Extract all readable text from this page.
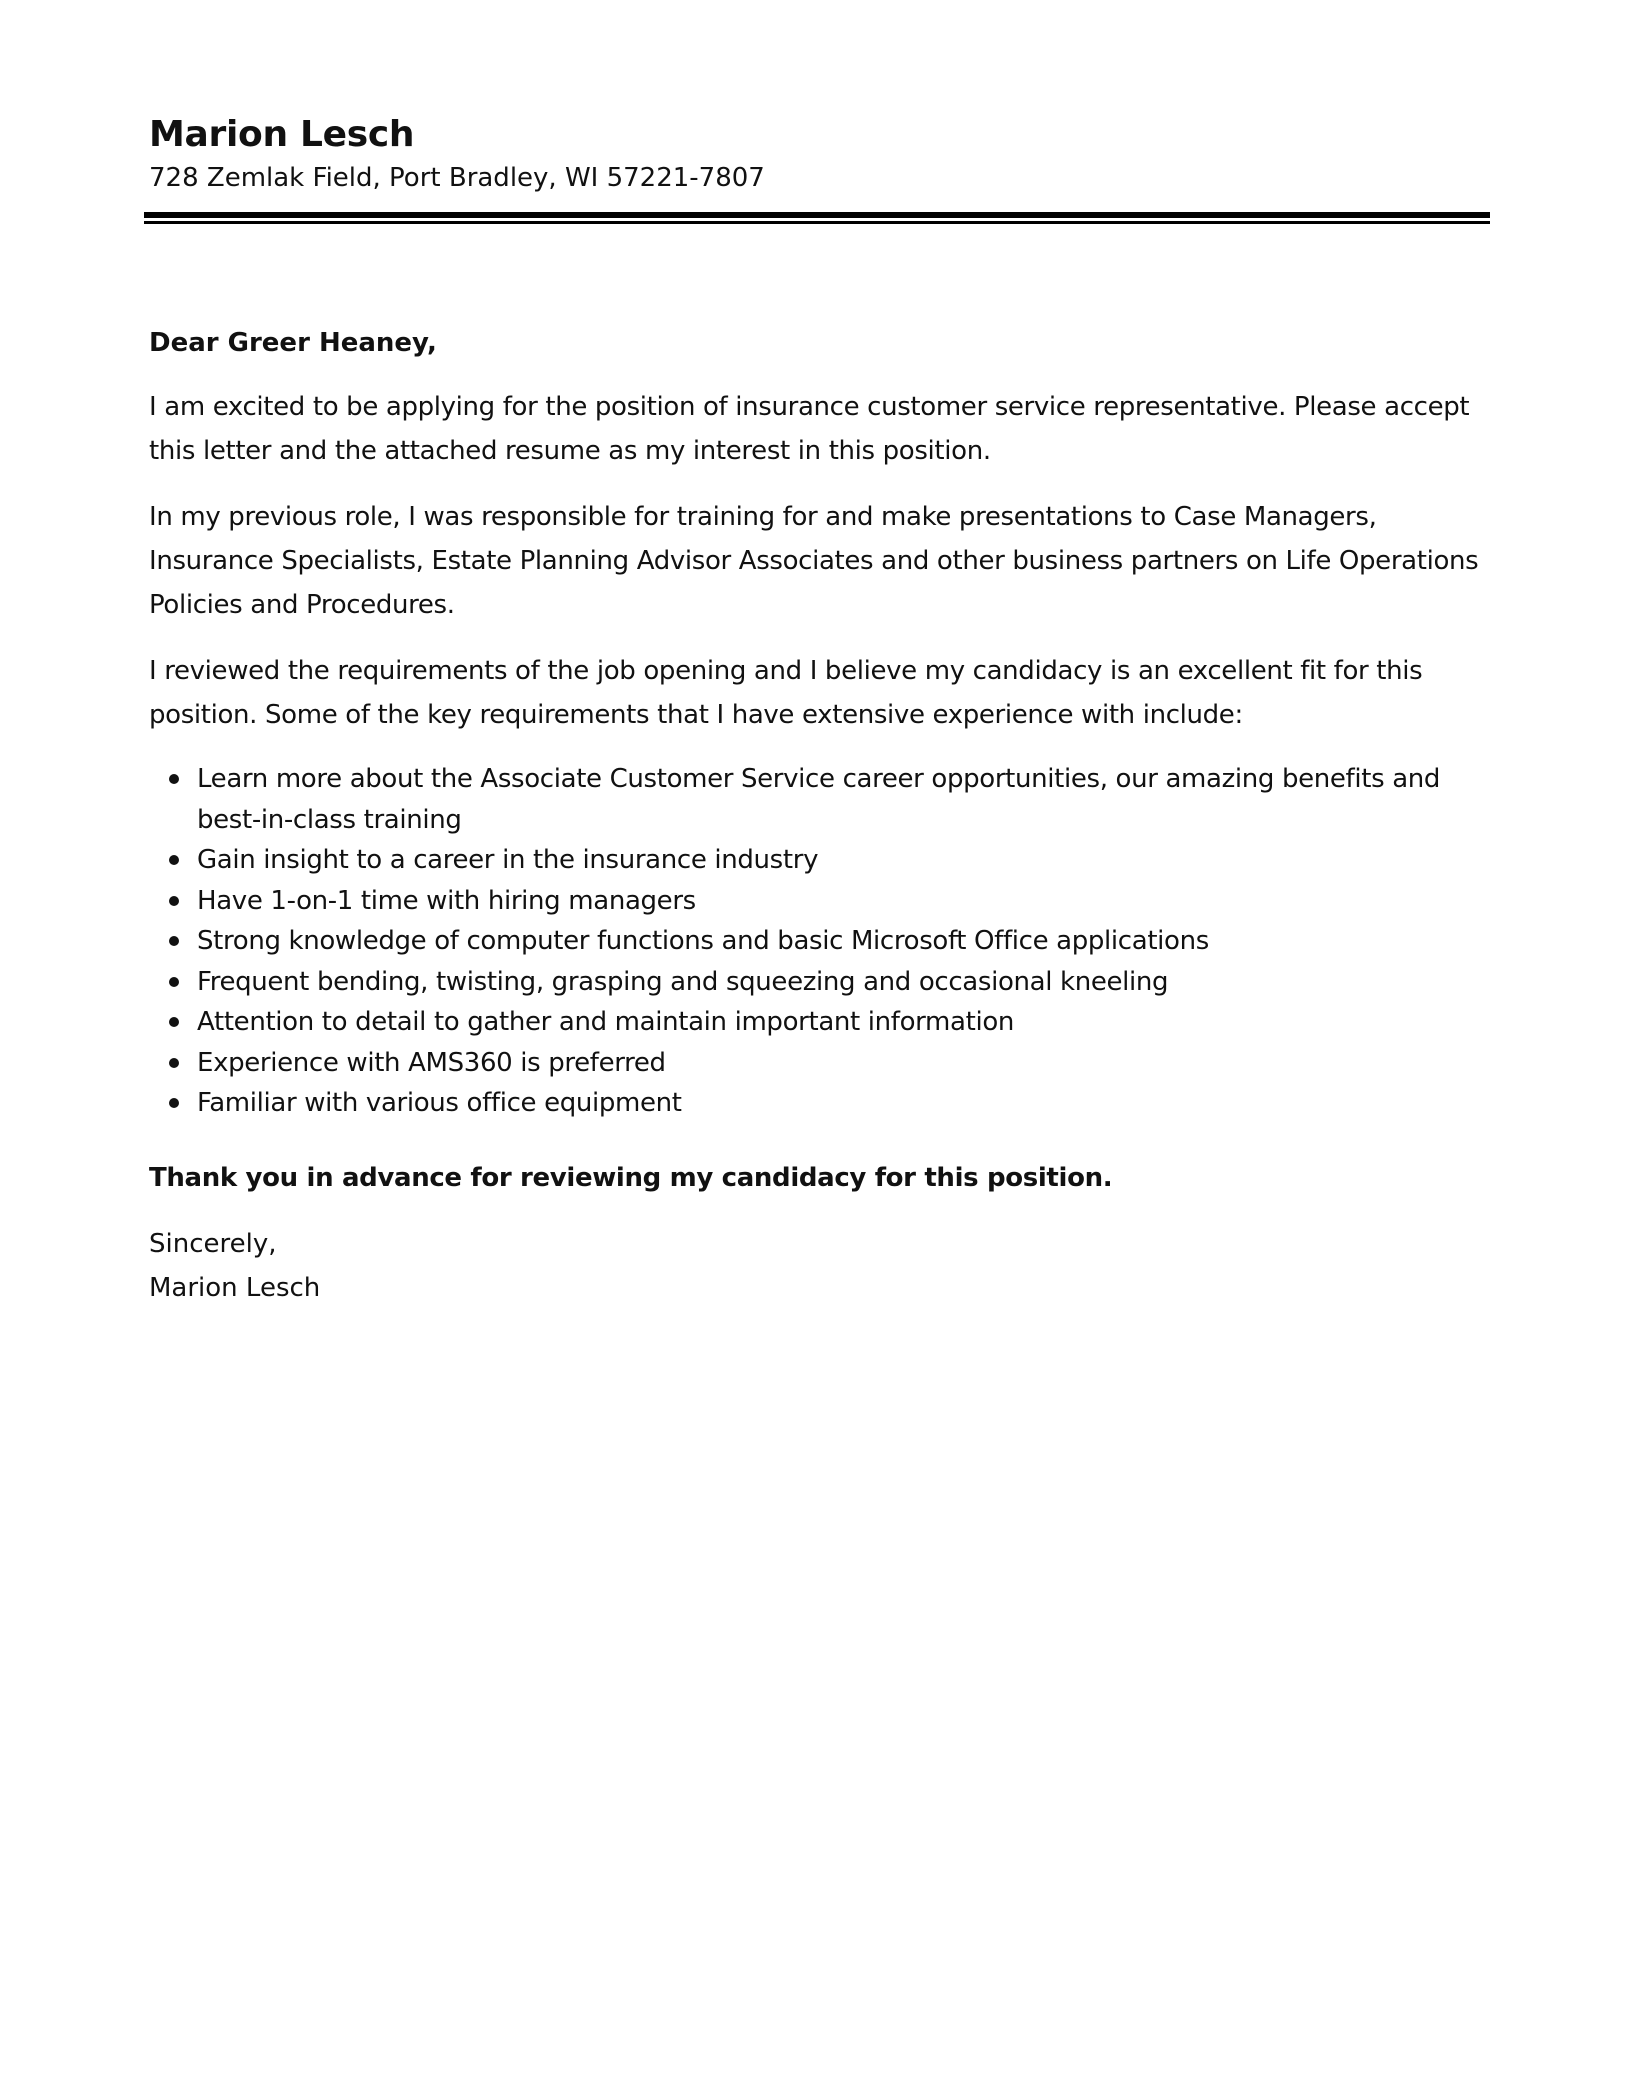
Marion Lesch
728 Zemlak Field, Port Bradley, WI 57221-7807

Dear Greer Heaney,

I am excited to be applying for the position of insurance customer service representative. Please accept this letter and the attached resume as my interest in this position.

In my previous role, I was responsible for training for and make presentations to Case Managers, Insurance Specialists, Estate Planning Advisor Associates and other business partners on Life Operations Policies and Procedures.

I reviewed the requirements of the job opening and I believe my candidacy is an excellent fit for this position. Some of the key requirements that I have extensive experience with include:

Learn more about the Associate Customer Service career opportunities, our amazing benefits and best-in-class training
Gain insight to a career in the insurance industry
Have 1-on-1 time with hiring managers
Strong knowledge of computer functions and basic Microsoft Office applications
Frequent bending, twisting, grasping and squeezing and occasional kneeling
Attention to detail to gather and maintain important information
Experience with AMS360 is preferred
Familiar with various office equipment

Thank you in advance for reviewing my candidacy for this position.

Sincerely,
Marion Lesch
